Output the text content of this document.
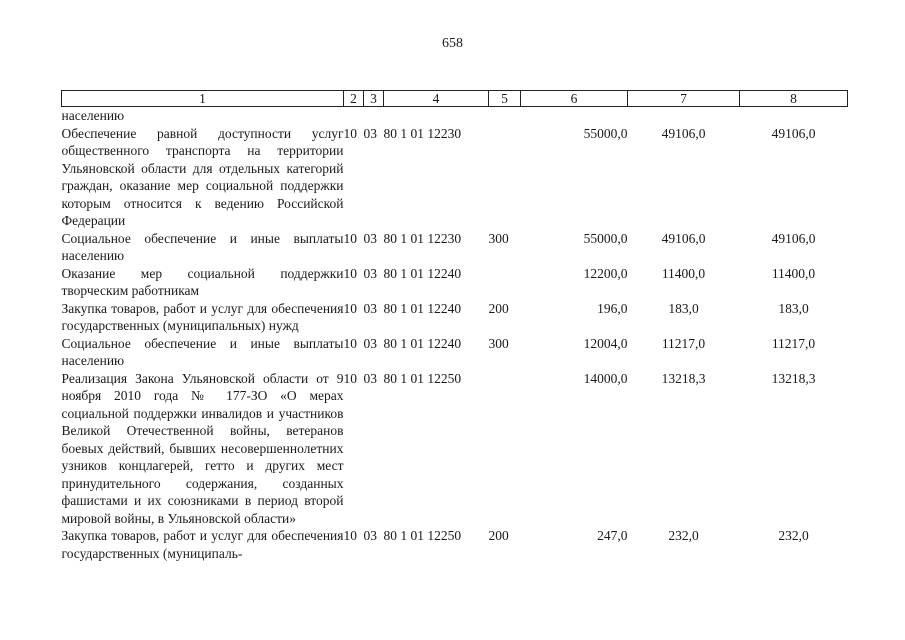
658
1	2	3	4	5	6	7	8
населению							
Обеспечение равной доступности услуг общественного транспорта на территории Ульяновской области для отдельных категорий граждан, оказание мер социальной поддержки которым относится к ведению Российской Федерации	10	03	80 1 01 12230		55000,0	49106,0	49106,0
Социальное обеспечение и иные выплаты населению	10	03	80 1 01 12230	300	55000,0	49106,0	49106,0
Оказание мер социальной поддержки творческим работникам	10	03	80 1 01 12240		12200,0	11400,0	11400,0
Закупка товаров, работ и услуг для обеспечения государственных (муниципальных) нужд	10	03	80 1 01 12240	200	196,0	183,0	183,0
Социальное обеспечение и иные выплаты населению	10	03	80 1 01 12240	300	12004,0	11217,0	11217,0
Реализация Закона Ульяновской области от 9 ноября 2010 года № 177-ЗО «О мерах социальной поддержки инвалидов и участников Великой Отечественной войны, ветеранов боевых действий, бывших несовершеннолетних узников концлагерей, гетто и других мест принудительного содержания, созданных фашистами и их союзниками в период второй мировой войны, в Ульяновской области»	10	03	80 1 01 12250		14000,0	13218,3	13218,3
Закупка товаров, работ и услуг для обеспечения государственных (муниципаль-	10	03	80 1 01 12250	200	247,0	232,0	232,0
